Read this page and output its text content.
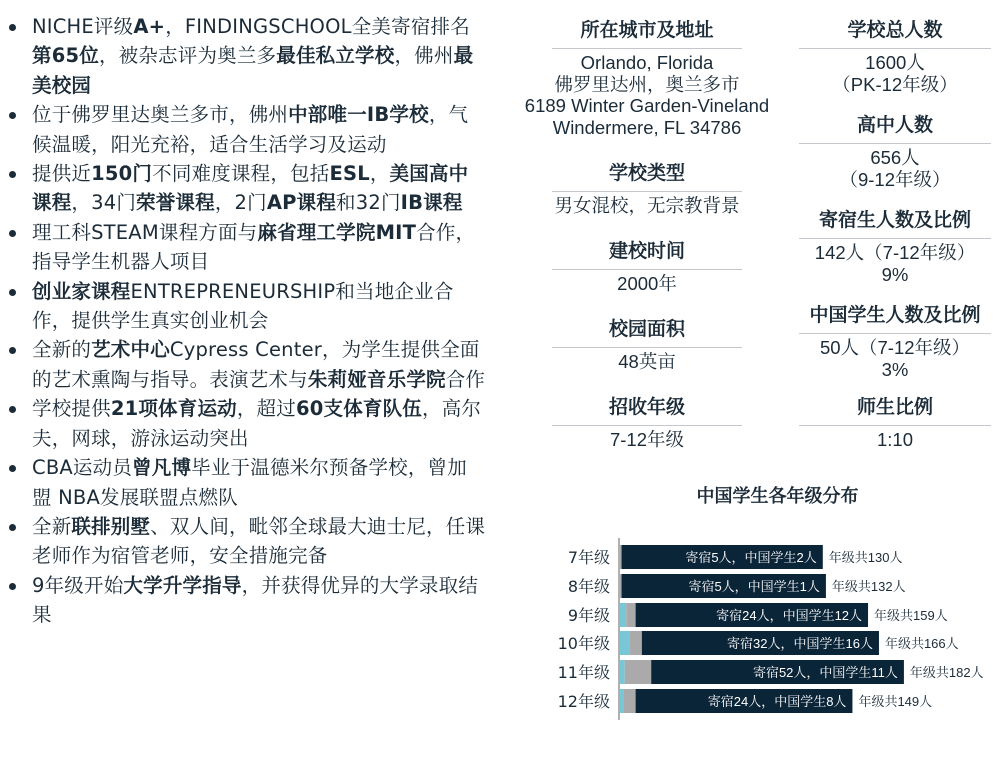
NICHE评级A+，FINDINGSCHOOL全美寄宿排名第65位，被杂志评为奥兰多最佳私立学校，佛州最美校园
位于佛罗里达奥兰多市，佛州中部唯一IB学校，气候温暖，阳光充裕，适合生活学习及运动
提供近150门不同难度课程，包括ESL，美国高中课程，34门荣誉课程，2门AP课程和32门IB课程
理工科STEAM课程方面与麻省理工学院MIT合作，指导学生机器人项目
创业家课程ENTREPRENEURSHIP和当地企业合作，提供学生真实创业机会
全新的艺术中心Cypress Center，为学生提供全面的艺术熏陶与指导。表演艺术与朱莉娅音乐学院合作
学校提供21项体育运动，超过60支体育队伍，高尔夫，网球，游泳运动突出
CBA运动员曾凡博毕业于温德米尔预备学校，曾加盟 NBA发展联盟点燃队
全新联排别墅、双人间，毗邻全球最大迪士尼，任课老师作为宿管老师，安全措施完备
9年级开始大学升学指导，并获得优异的大学录取结果
所在城市及地址
Orlando, Florida
佛罗里达州，奥兰多市
6189 Winter Garden-Vineland
Windermere, FL 34786
学校类型
男女混校，无宗教背景
建校时间
2000年
校园面积
48英亩
招收年级
7-12年级
学校总人数
1600人
（PK-12年级）
高中人数
656人
（9-12年级）
寄宿生人数及比例
142人（7-12年级）
9%
中国学生人数及比例
50人（7-12年级）
3%
师生比例
1:10
中国学生各年级分布
7年级	寄宿5人，中国学生2人 年级共130人
8年级	寄宿5人，中国学生1人 年级共132人
9年级	寄宿24人，中国学生12人 年级共159人
10年级	寄宿32人，中国学生16人 年级共166人
11年级	寄宿52人，中国学生11人 年级共182人
12年级	寄宿24人，中国学生8人 年级共149人
